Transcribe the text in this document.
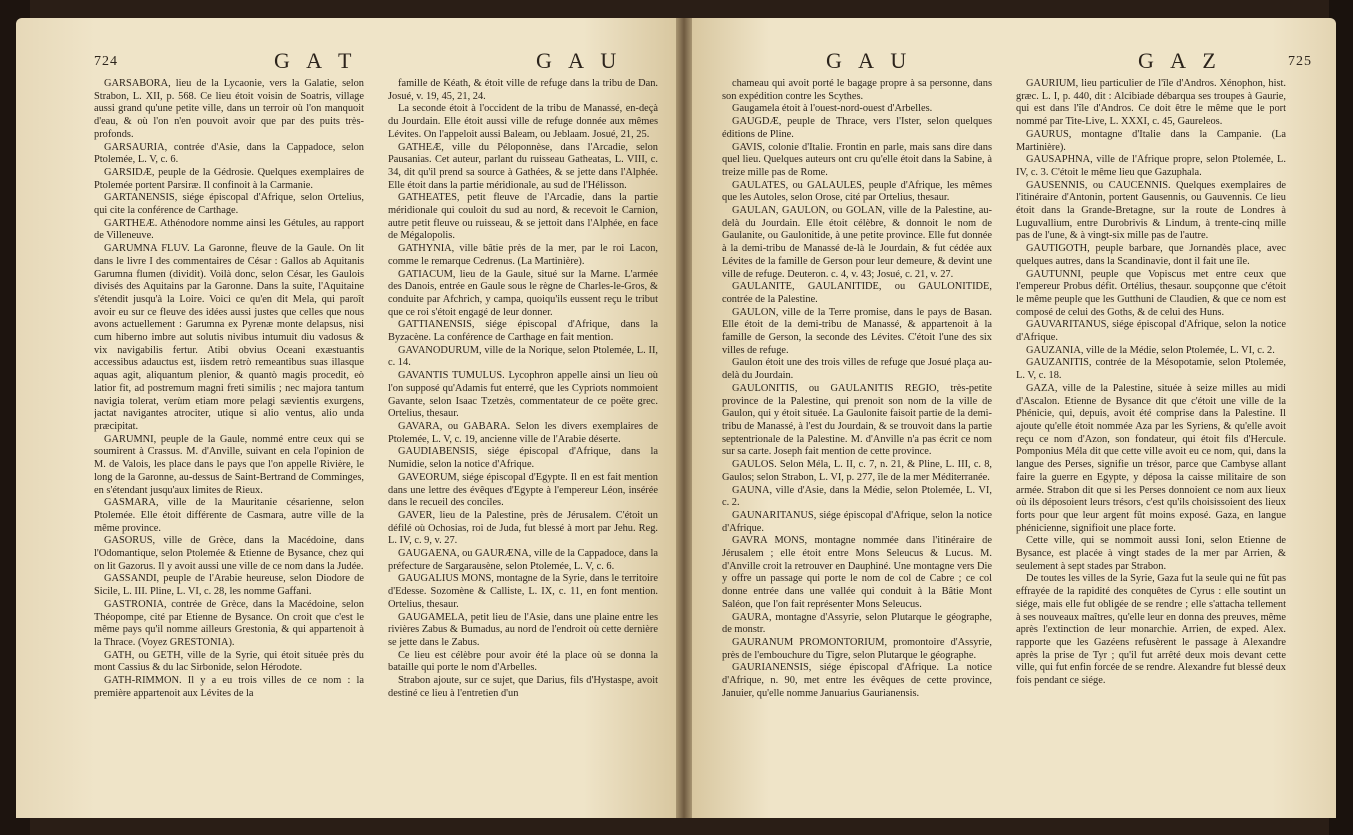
724	G A T	G A U

GARSABORA, lieu de la Lycaonie, vers la Galatie, selon Strabon, L. XII, p. 568. Ce lieu étoit voisin de Soatris, village aussi grand qu'une petite ville, dans un terroir où l'on manquoit d'eau, & où l'on n'en pouvoit avoir que par des puits très-profonds.

GARSAURIA, contrée d'Asie, dans la Cappadoce, selon Ptolemée, L. V, c. 6.

GARSIDÆ, peuple de la Gédrosie. Quelques exemplaires de Ptolemée portent Parsiræ. Il confinoit à la Carmanie.

GARTANENSIS, siége épiscopal d'Afrique, selon Ortelius, qui cite la conférence de Carthage.

GARTHEÆ. Athénodore nomme ainsi les Gétules, au rapport de Villeneuve.

GARUMNA FLUV. La Garonne, fleuve de la Gaule. On lit dans le livre I des commentaires de César : Gallos ab Aquitanis Garumna flumen (dividit). Voilà donc, selon César, les Gaulois divisés des Aquitains par la Garonne. Dans la suite, l'Aquitaine s'étendit jusqu'à la Loire. Voici ce qu'en dit Mela, qui paroît avoir eu sur ce fleuve des idées aussi justes que celles que nous avons actuellement : Garumna ex Pyrenæ monte delapsus, nisi cum hiberno imbre aut solutis nivibus intumuit diu vadosus & vix navigabilis fertur. Atibi obvius Oceani exæstuantis accessibus adauctus est, iisdem retrò remeantibus suas illasque aquas agit, aliquantum plenior, & quantò magis procedit, eò latior fit, ad postremum magni freti similis ; nec majora tantum navigia tolerat, verùm etiam more pelagi sævientis exurgens, jactat navigantes atrociter, utique si alio ventus, alio unda præcipitat.

GARUMNI, peuple de la Gaule, nommé entre ceux qui se soumirent à Crassus. M. d'Anville, suivant en cela l'opinion de M. de Valois, les place dans le pays que l'on appelle Rivière, le long de la Garonne, au-dessus de Saint-Bertrand de Comminges, en s'étendant jusqu'aux limites de Rieux.

GASMARA, ville de la Mauritanie césarienne, selon Ptolemée. Elle étoit différente de Casmara, autre ville de la même province.

GASORUS, ville de Grèce, dans la Macédoine, dans l'Odomantique, selon Ptolemée & Etienne de Bysance, chez qui on lit Gazorus. Il y avoit aussi une ville de ce nom dans la Judée.

GASSANDI, peuple de l'Arabie heureuse, selon Diodore de Sicile, L. III. Pline, L. VI, c. 28, les nomme Gaffani.

GASTRONIA, contrée de Grèce, dans la Macédoine, selon Théopompe, cité par Etienne de Bysance. On croit que c'est le même pays qu'il nomme ailleurs Grestonia, & qui appartenoit à la Thrace. (Voyez GRESTONIA).

GATH, ou GETH, ville de la Syrie, qui étoit située près du mont Cassius & du lac Sirbonide, selon Hérodote.

GATH-RIMMON. Il y a eu trois villes de ce nom : la première appartenoit aux Lévites de la

famille de Kéath, & étoit ville de refuge dans la tribu de Dan. Josué, v. 19, 45, 21, 24.

La seconde étoit à l'occident de la tribu de Manassé, en-deçà du Jourdain. Elle étoit aussi ville de refuge donnée aux mêmes Lévites. On l'appeloit aussi Baleam, ou Jeblaam. Josué, 21, 25.

GATHEÆ, ville du Péloponnèse, dans l'Arcadie, selon Pausanias. Cet auteur, parlant du ruisseau Gatheatas, L. VIII, c. 34, dit qu'il prend sa source à Gathées, & se jette dans l'Alphée. Elle étoit dans la partie méridionale, au sud de l'Hélisson.

GATHEATES, petit fleuve de l'Arcadie, dans la partie méridionale qui couloit du sud au nord, & recevoit le Carnion, autre petit fleuve ou ruisseau, & se jettoit dans l'Alphée, en face de Mégalopolis.

GATHYNIA, ville bâtie près de la mer, par le roi Lacon, comme le remarque Cedrenus. (La Martinière).

GATIACUM, lieu de la Gaule, situé sur la Marne. L'armée des Danois, entrée en Gaule sous le règne de Charles-le-Gros, & conduite par Afchrich, y campa, quoiqu'ils eussent reçu le tribut que ce roi s'étoit engagé de leur donner.

GATTIANENSIS, siége épiscopal d'Afrique, dans la Byzacène. La conférence de Carthage en fait mention.

GAVANODURUM, ville de la Norique, selon Ptolemée, L. II, c. 14.

GAVANTIS TUMULUS. Lycophron appelle ainsi un lieu où l'on supposé qu'Adamis fut enterré, que les Cypriots nommoient Gavante, selon Isaac Tzetzès, commentateur de ce poëte grec. Ortelius, thesaur.

GAVARA, ou GABARA. Selon les divers exemplaires de Ptolemée, L. V, c. 19, ancienne ville de l'Arabie déserte.

GAUDIABENSIS, siége épiscopal d'Afrique, dans la Numidie, selon la notice d'Afrique.

GAVEORUM, siége épiscopal d'Egypte. Il en est fait mention dans une lettre des évêques d'Egypte à l'empereur Léon, insérée dans le recueil des conciles.

GAVER, lieu de la Palestine, près de Jérusalem. C'étoit un défilé où Ochosias, roi de Juda, fut blessé à mort par Jehu. Reg. L. IV, c. 9, v. 27.

GAUGAENA, ou GAURÆNA, ville de la Cappadoce, dans la préfecture de Sargarausène, selon Ptolemée, L. V, c. 6.

GAUGALIUS MONS, montagne de la Syrie, dans le territoire d'Edesse. Sozomène & Calliste, L. IX, c. 11, en font mention. Ortelius, thesaur.

GAUGAMELA, petit lieu de l'Asie, dans une plaine entre les rivières Zabus & Bumadus, au nord de l'endroit où cette dernière se jette dans le Zabus.

Ce lieu est célèbre pour avoir été la place où se donna la bataille qui porte le nom d'Arbelles.

Strabon ajoute, sur ce sujet, que Darius, fils d'Hystaspe, avoit destiné ce lieu à l'entretien d'un

G A U	G A Z	725

chameau qui avoit porté le bagage propre à sa personne, dans son expédition contre les Scythes.

Gaugamela étoit à l'ouest-nord-ouest d'Arbelles.

GAUGDÆ, peuple de Thrace, vers l'Ister, selon quelques éditions de Pline.

GAVIS, colonie d'Italie. Frontin en parle, mais sans dire dans quel lieu. Quelques auteurs ont cru qu'elle étoit dans la Sabine, à treize mille pas de Rome.

GAULATES, ou GALAULES, peuple d'Afrique, les mêmes que les Autoles, selon Orose, cité par Ortelius, thesaur.

GAULAN, GAULON, ou GOLAN, ville de la Palestine, au-delà du Jourdain. Elle étoit célèbre, & donnoit le nom de Gaulanite, ou Gaulonitide, à une petite province. Elle fut donnée à la demi-tribu de Manassé de-là le Jourdain, & fut cédée aux Lévites de la famille de Gerson pour leur demeure, & devint une ville de refuge. Deuteron. c. 4, v. 43; Josué, c. 21, v. 27.

GAULANITE, GAULANITIDE, ou GAULONITIDE, contrée de la Palestine.

GAULON, ville de la Terre promise, dans le pays de Basan. Elle étoit de la demi-tribu de Manassé, & appartenoit à la famille de Gerson, la seconde des Lévites. C'étoit l'une des six villes de refuge.

Gaulon étoit une des trois villes de refuge que Josué plaça au-delà du Jourdain.

GAULONITIS, ou GAULANITIS REGIO, très-petite province de la Palestine, qui prenoit son nom de la ville de Gaulon, qui y étoit située. La Gaulonite faisoit partie de la demi-tribu de Manassé, à l'est du Jourdain, & se trouvoit dans la partie septentrionale de la Palestine. M. d'Anville n'a pas écrit ce nom sur sa carte. Joseph fait mention de cette province.

GAULOS. Selon Méla, L. II, c. 7, n. 21, & Pline, L. III, c. 8, Gaulos; selon Strabon, L. VI, p. 277, île de la mer Méditerranée.

GAUNA, ville d'Asie, dans la Médie, selon Ptolemée, L. VI, c. 2.

GAUNARITANUS, siége épiscopal d'Afrique, selon la notice d'Afrique.

GAVRA MONS, montagne nommée dans l'itinéraire de Jérusalem ; elle étoit entre Mons Seleucus & Lucus. M. d'Anville croit la retrouver en Dauphiné. Une montagne vers Die y offre un passage qui porte le nom de col de Cabre ; ce col donne entrée dans une vallée qui conduit à la Bâtie Mont Saléon, que l'on fait représenter Mons Seleucus.

GAURA, montagne d'Assyrie, selon Plutarque le géographe, de monstr.

GAURANUM PROMONTORIUM, promontoire d'Assyrie, près de l'embouchure du Tigre, selon Plutarque le géographe.

GAURIANENSIS, siége épiscopal d'Afrique. La notice d'Afrique, n. 90, met entre les évêques de cette province, Januier, qu'elle nomme Januarius Gaurianensis.

GAURIUM, lieu particulier de l'île d'Andros. Xénophon, hist. græc. L. I, p. 440, dit : Alcibiade débarqua ses troupes à Gaurie, qui est dans l'île d'Andros. Ce doit être le même que le port nommé par Tite-Live, L. XXXI, c. 45, Gaureleos.

GAURUS, montagne d'Italie dans la Campanie. (La Martinière).

GAUSAPHNA, ville de l'Afrique propre, selon Ptolemée, L. IV, c. 3. C'étoit le même lieu que Gazuphala.

GAUSENNIS, ou CAUCENNIS. Quelques exemplaires de l'itinéraire d'Antonin, portent Gausennis, ou Gauvennis. Ce lieu étoit dans la Grande-Bretagne, sur la route de Londres à Luguvallium, entre Durobrivis & Lindum, à trente-cinq mille pas de l'une, & à vingt-six mille pas de l'autre.

GAUTIGOTH, peuple barbare, que Jornandès place, avec quelques autres, dans la Scandinavie, dont il fait une île.

GAUTUNNI, peuple que Vopiscus met entre ceux que l'empereur Probus défit. Ortélius, thesaur. soupçonne que c'étoit le même peuple que les Gutthuni de Claudien, & que ce nom est composé de celui des Goths, & de celui des Huns.

GAUVARITANUS, siége épiscopal d'Afrique, selon la notice d'Afrique.

GAUZANIA, ville de la Médie, selon Ptolemée, L. VI, c. 2.

GAUZANITIS, contrée de la Mésopotamie, selon Ptolemée, L. V, c. 18.

GAZA, ville de la Palestine, située à seize milles au midi d'Ascalon. Etienne de Bysance dit que c'étoit une ville de la Phénicie, qui, depuis, avoit été comprise dans la Palestine. Il ajoute qu'elle étoit nommée Aza par les Syriens, & qu'elle avoit reçu ce nom d'Azon, son fondateur, qui étoit fils d'Hercule. Pomponius Méla dit que cette ville avoit eu ce nom, qui, dans la langue des Perses, signifie un trésor, parce que Cambyse allant faire la guerre en Egypte, y déposa la caisse militaire de son armée. Strabon dit que si les Perses donnoient ce nom aux lieux où ils déposoient leurs trésors, c'est qu'ils choisissoient des lieux forts pour que leur argent fût moins exposé. Gaza, en langue phénicienne, signifioit une place forte.

Cette ville, qui se nommoit aussi Ioni, selon Etienne de Bysance, est placée à vingt stades de la mer par Arrien, & seulement à sept stades par Strabon.

De toutes les villes de la Syrie, Gaza fut la seule qui ne fût pas effrayée de la rapidité des conquêtes de Cyrus : elle soutint un siége, mais elle fut obligée de se rendre ; elle s'attacha tellement à ses nouveaux maîtres, qu'elle leur en donna des preuves, même après l'extinction de leur monarchie. Arrien, de exped. Alex. rapporte que les Gazéens refusèrent le passage à Alexandre après la prise de Tyr ; qu'il fut arrêté deux mois devant cette ville, qui fut enfin forcée de se rendre. Alexandre fut blessé deux fois pendant ce siége.
